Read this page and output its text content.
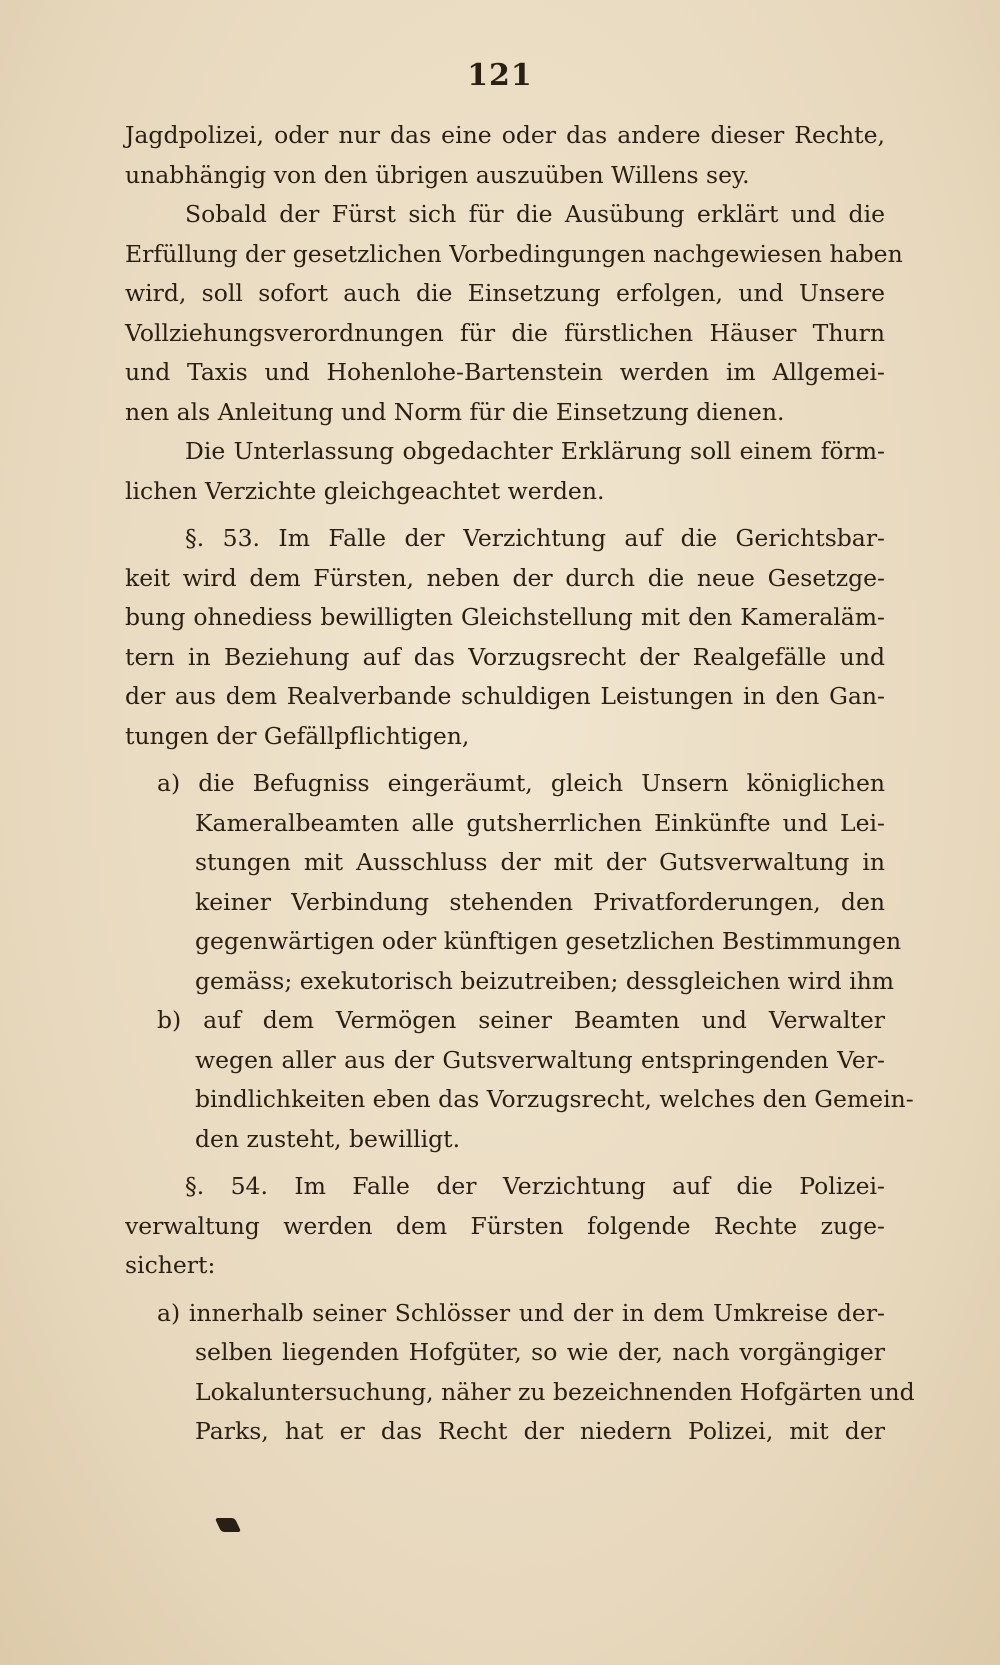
121
Jagdpolizei, oder nur das eine oder das andere dieser Rechte,
unabhängig von den übrigen auszuüben Willens sey.
Sobald der Fürst sich für die Ausübung erklärt und die
Erfüllung der gesetzlichen Vorbedingungen nachgewiesen haben
wird, soll sofort auch die Einsetzung erfolgen, und Unsere
Vollziehungsverordnungen für die fürstlichen Häuser Thurn
und Taxis und Hohenlohe-Bartenstein werden im Allgemei-
nen als Anleitung und Norm für die Einsetzung dienen.
Die Unterlassung obgedachter Erklärung soll einem förm-
lichen Verzichte gleichgeachtet werden.
§. 53. Im Falle der Verzichtung auf die Gerichtsbar-
keit wird dem Fürsten, neben der durch die neue Gesetzge-
bung ohnediess bewilligten Gleichstellung mit den Kameraläm-
tern in Beziehung auf das Vorzugsrecht der Realgefälle und
der aus dem Realverbande schuldigen Leistungen in den Gan-
tungen der Gefällpflichtigen,
a) die Befugniss eingeräumt, gleich Unsern königlichen
Kameralbeamten alle gutsherrlichen Einkünfte und Lei-
stungen mit Ausschluss der mit der Gutsverwaltung in
keiner Verbindung stehenden Privatforderungen, den
gegenwärtigen oder künftigen gesetzlichen Bestimmungen
gemäss; exekutorisch beizutreiben; dessgleichen wird ihm
b) auf dem Vermögen seiner Beamten und Verwalter
wegen aller aus der Gutsverwaltung entspringenden Ver-
bindlichkeiten eben das Vorzugsrecht, welches den Gemein-
den zusteht, bewilligt.
§. 54. Im Falle der Verzichtung auf die Polizei-
verwaltung werden dem Fürsten folgende Rechte zuge-
sichert:
a) innerhalb seiner Schlösser und der in dem Umkreise der-
selben liegenden Hofgüter, so wie der, nach vorgängiger
Lokaluntersuchung, näher zu bezeichnenden Hofgärten und
Parks, hat er das Recht der niedern Polizei, mit der
